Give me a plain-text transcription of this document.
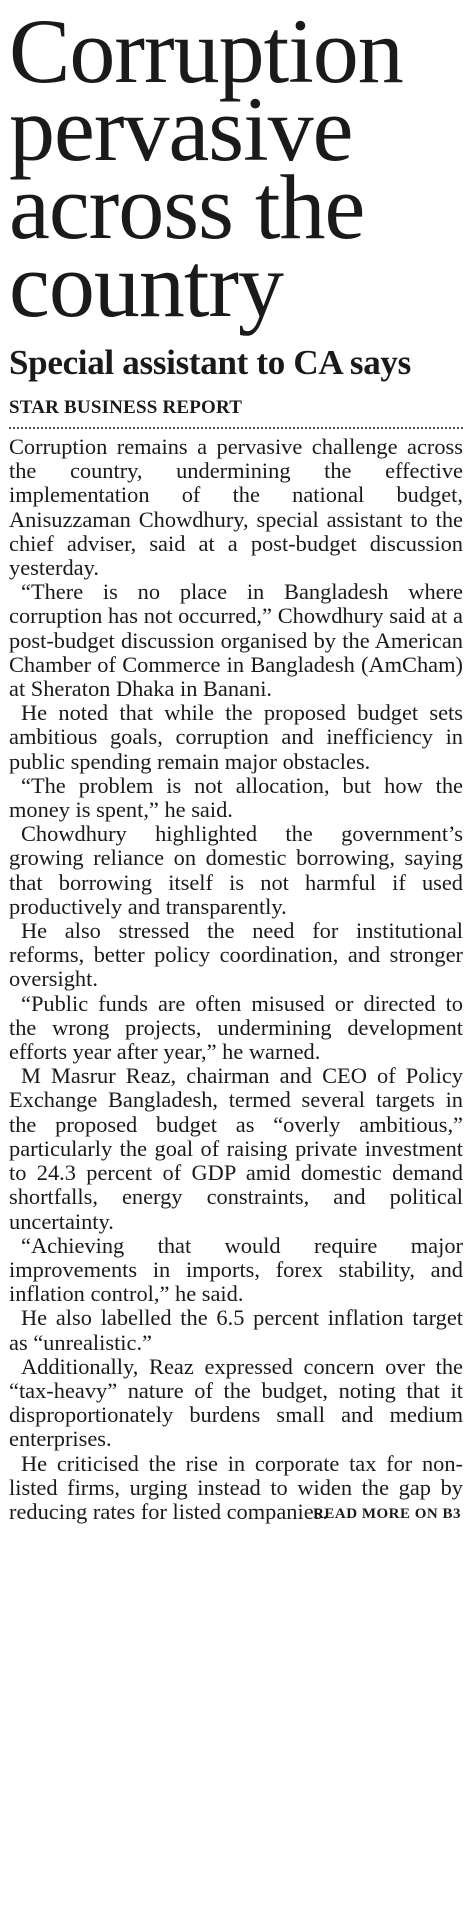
Corruption
pervasive
across the
country
Special assistant to CA says
STAR BUSINESS REPORT

Corruption remains a pervasive challenge across the country, undermining the effective implementation of the national budget, Anisuzzaman Chowdhury, special assistant to the chief adviser, said at a post-budget discussion yesterday.

“There is no place in Bangladesh where corruption has not occurred,” Chowdhury said at a post-budget discussion organised by the American Chamber of Commerce in Bangladesh (AmCham) at Sheraton Dhaka in Banani.

He noted that while the proposed budget sets ambitious goals, corruption and inefficiency in public spending remain major obstacles.

“The problem is not allocation, but how the money is spent,” he said.

Chowdhury highlighted the government’s growing reliance on domestic borrowing, saying that borrowing itself is not harmful if used productively and transparently.

He also stressed the need for institutional reforms, better policy coordination, and stronger oversight.

“Public funds are often misused or directed to the wrong projects, undermining development efforts year after year,” he warned.

M Masrur Reaz, chairman and CEO of Policy Exchange Bangladesh, termed several targets in the proposed budget as “overly ambitious,” particularly the goal of raising private investment to 24.3 percent of GDP amid domestic demand shortfalls, energy constraints, and political uncertainty.

“Achieving that would require major improvements in imports, forex stability, and inflation control,” he said.

He also labelled the 6.5 percent inflation target as “unrealistic.”

Additionally, Reaz expressed concern over the “tax-heavy” nature of the budget, noting that it disproportionately burdens small and medium enterprises.

He criticised the rise in corporate tax for non-listed firms, urging instead to widen the gap by reducing rates for listed companies.

READ MORE ON B3
